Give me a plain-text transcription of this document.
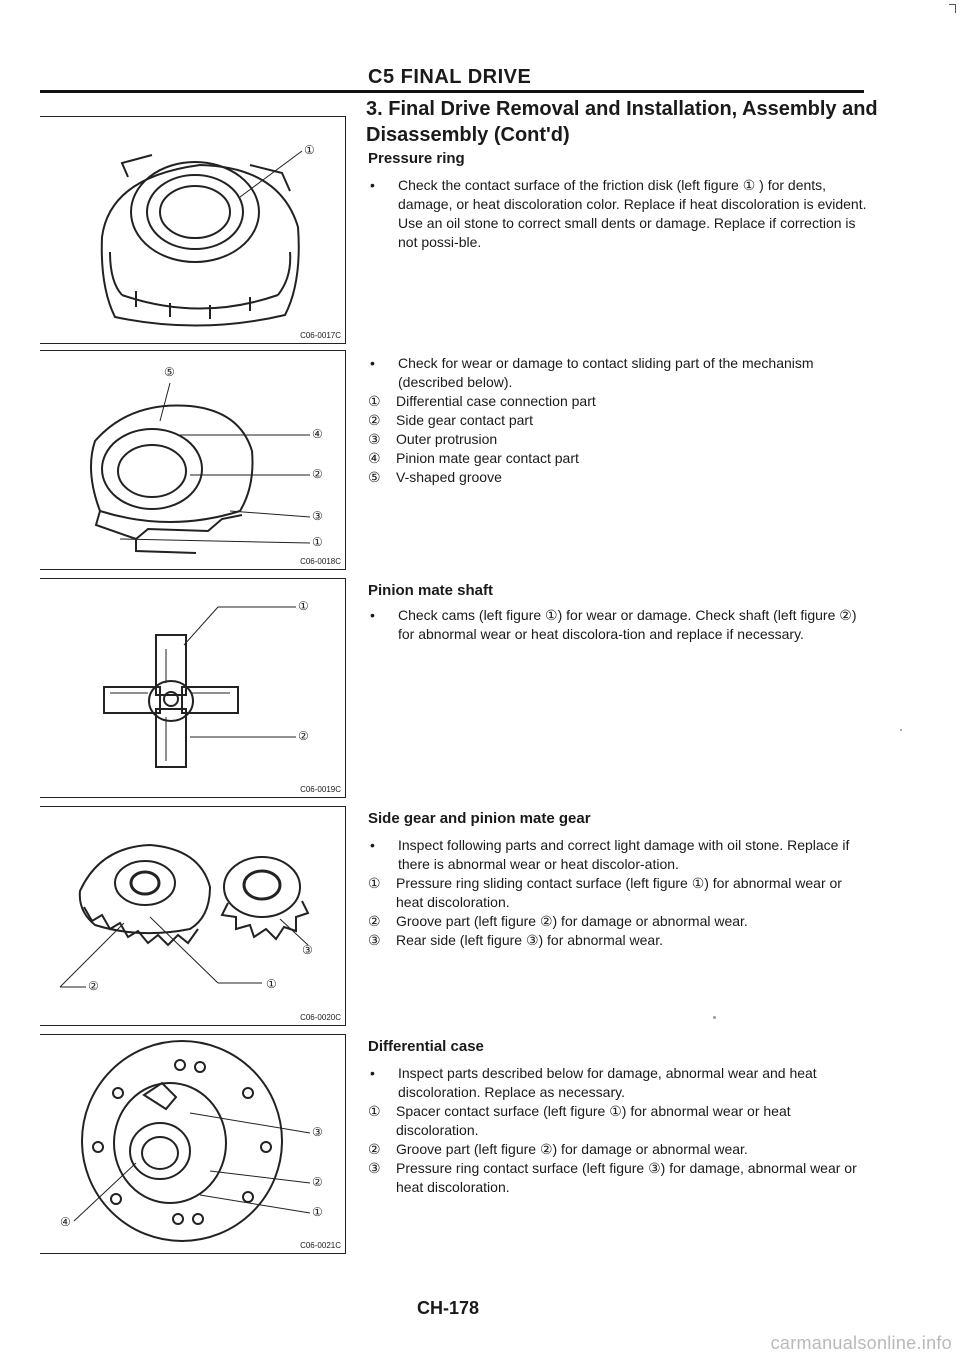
C5 FINAL DRIVE
3. Final Drive Removal and Installation, Assembly and Disassembly (Cont'd)
①
C06-0017C
⑤
④
②
③
①
C06-0018C
①
②
C06-0019C
③
②	①
C06-0020C
③
②
①
④
C06-0021C
Pressure ring
• Check the contact surface of the friction disk (left figure ① ) for dents, damage, or heat discoloration color. Replace if heat discoloration is evident. Use an oil stone to correct small dents or damage. Replace if correction is not possi-ble.
• Check for wear or damage to contact sliding part of the mechanism (described below).
① Differential case connection part
② Side gear contact part
③ Outer protrusion
④ Pinion mate gear contact part
⑤ V-shaped groove
Pinion mate shaft
• Check cams (left figure ①) for wear or damage. Check shaft (left figure ②) for abnormal wear or heat discolora-tion and replace if necessary.
Side gear and pinion mate gear
• Inspect following parts and correct light damage with oil stone. Replace if there is abnormal wear or heat discolor-ation.
① Pressure ring sliding contact surface (left figure ①) for abnormal wear or heat discoloration.
② Groove part (left figure ②) for damage or abnormal wear.
③ Rear side (left figure ③) for abnormal wear.
Differential case
• Inspect parts described below for damage, abnormal wear and heat discoloration. Replace as necessary.
① Spacer contact surface (left figure ①) for abnormal wear or heat discoloration.
② Groove part (left figure ②) for damage or abnormal wear.
③ Pressure ring contact surface (left figure ③) for damage, abnormal wear or heat discoloration.
CH-178
carmanualsonline.info
